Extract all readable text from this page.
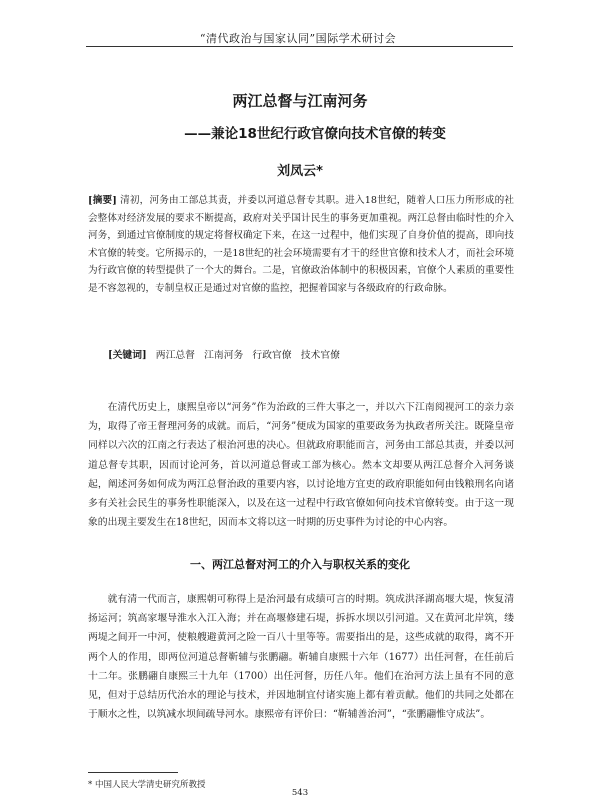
“清代政治与国家认同”国际学术研讨会
两江总督与江南河务
——兼论18世纪行政官僚向技术官僚的转变
刘凤云*

[摘要] 清初，河务由工部总其责，并委以河道总督专其职。进入18世纪，随着人口压力所形成的社会整体对经济发展的要求不断提高，政府对关乎国计民生的事务更加重视。两江总督由临时性的介入河务，到通过官僚制度的规定将督权确定下来，在这一过程中，他们实现了自身价值的提高，即向技术官僚的转变。它所揭示的，一是18世纪的社会环境需要有才干的经世官僚和技术人才，而社会环境为行政官僚的转型提供了一个大的舞台。二是，官僚政治体制中的积极因素，官僚个人素质的重要性是不容忽视的，专制皇权正是通过对官僚的监控，把握着国家与各级政府的行政命脉。

[关键词] 两江总督 江南河务 行政官僚 技术官僚

在清代历史上，康熙皇帝以“河务”作为治政的三件大事之一，并以六下江南阅视河工的亲力亲为，取得了帝王督理河务的成就。而后，“河务”便成为国家的重要政务为执政者所关注。既隆皇帝同样以六次的江南之行表达了根治河患的决心。但就政府职能而言，河务由工部总其责，并委以河道总督专其职，因而讨论河务，首以河道总督或工部为核心。然本文却要从两江总督介入河务谈起，阐述河务如何成为两江总督治政的重要内容，以讨论地方宜吏的政府职能如何由钱粮刑名向诸多有关社会民生的事务性职能深入，以及在这一过程中行政官僚如何向技术官僚转变。由于这一现象的出现主要发生在18世纪，因而本文将以这一时期的历史事件为讨论的中心内容。

一、两江总督对河工的介入与职权关系的变化

就有清一代而言，康熙朝可称得上是治河最有成绩可言的时期。筑成洪泽湖高堰大堤，恢复清扬运河；筑高家堰导淮水入江入海；并在高堰修建石堤，拆拆水坝以引河道。又在黄河北岸筑，缕两堤之间开一中河，使粮艘避黄河之险一百八十里等等。需要指出的是，这些成就的取得，离不开两个人的作用，即两位河道总督靳辅与张鹏翮。靳辅自康熙十六年（1677）出任河督，在任前后十二年。张鹏翮自康熙三十九年（1700）出任河督，历任八年。他们在治河方法上虽有不同的意见，但对于总结历代治水的理论与技术，并因地制宜付诸实施上都有着贡献。他们的共同之处都在于顺水之性，以筑减水坝间疏导河水。康熙帝有评价曰：“靳辅善治河”，“张鹏翮惟守成法”。

* 中国人民大学清史研究所教授
543
